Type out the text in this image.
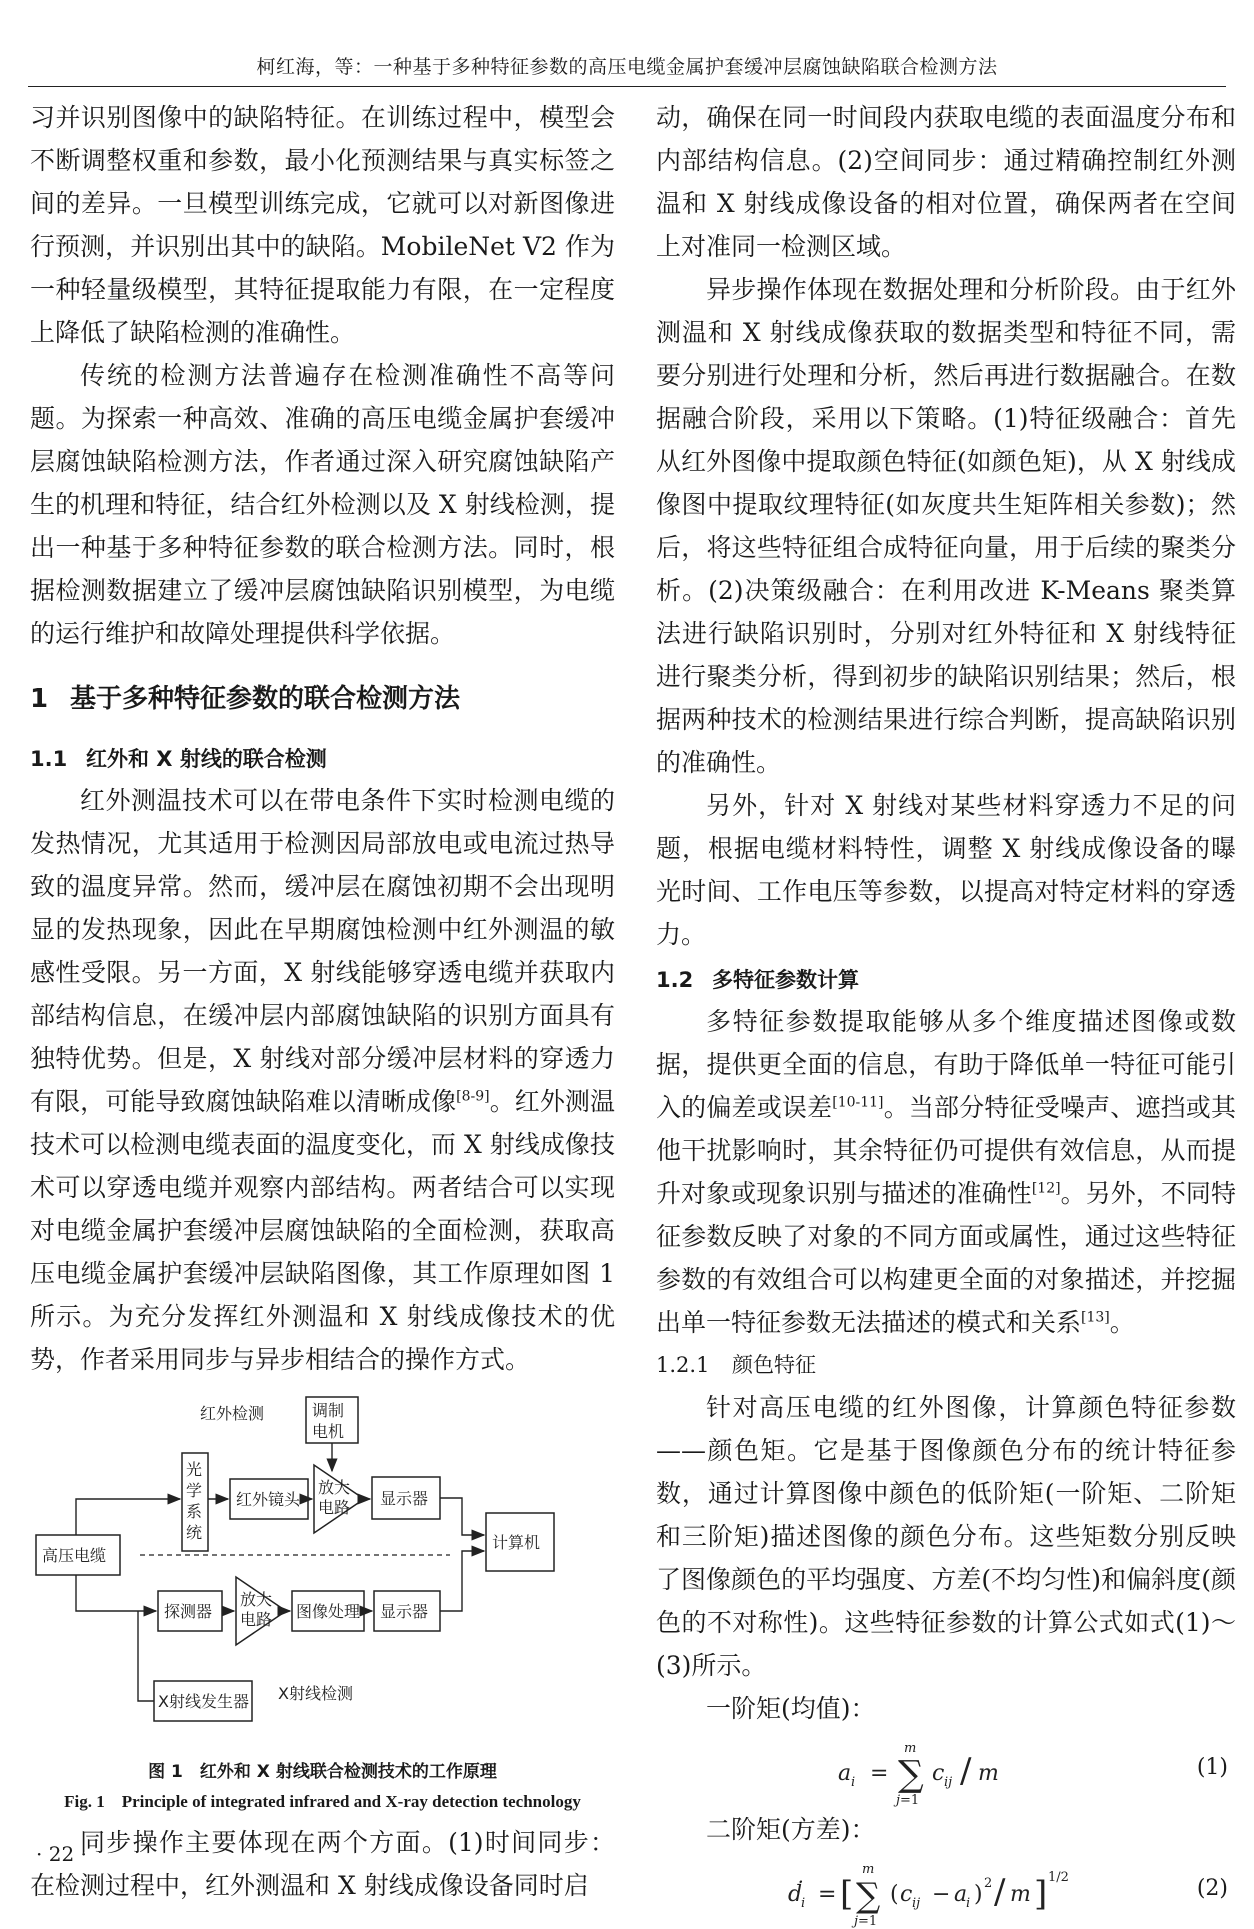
柯红海，等：一种基于多种特征参数的高压电缆金属护套缓冲层腐蚀缺陷联合检测方法

习并识别图像中的缺陷特征。在训练过程中，模型会不断调整权重和参数，最小化预测结果与真实标签之间的差异。一旦模型训练完成，它就可以对新图像进行预测，并识别出其中的缺陷。MobileNet V2 作为一种轻量级模型，其特征提取能力有限，在一定程度上降低了缺陷检测的准确性。

传统的检测方法普遍存在检测准确性不高等问题。为探索一种高效、准确的高压电缆金属护套缓冲层腐蚀缺陷检测方法，作者通过深入研究腐蚀缺陷产生的机理和特征，结合红外检测以及 X 射线检测，提出一种基于多种特征参数的联合检测方法。同时，根据检测数据建立了缓冲层腐蚀缺陷识别模型，为电缆的运行维护和故障处理提供科学依据。

1 基于多种特征参数的联合检测方法
1.1 红外和 X 射线的联合检测

红外测温技术可以在带电条件下实时检测电缆的发热情况，尤其适用于检测因局部放电或电流过热导致的温度异常。然而，缓冲层在腐蚀初期不会出现明显的发热现象，因此在早期腐蚀检测中红外测温的敏感性受限。另一方面，X 射线能够穿透电缆并获取内部结构信息，在缓冲层内部腐蚀缺陷的识别方面具有独特优势。但是，X 射线对部分缓冲层材料的穿透力有限，可能导致腐蚀缺陷难以清晰成像[8-9]。红外测温技术可以检测电缆表面的温度变化，而 X 射线成像技术可以穿透电缆并观察内部结构。两者结合可以实现对电缆金属护套缓冲层腐蚀缺陷的全面检测，获取高压电缆金属护套缓冲层缺陷图像，其工作原理如图 1 所示。为充分发挥红外测温和 X 射线成像技术的优势，作者采用同步与异步相结合的操作方式。

红外检测	调制
电机
光
学
系
统
红外镜头
放大
电路 显示器
高压电缆
计算机
探测器
放大
电路 图像处理 显示器
X射线发生器 X射线检测
图 1　红外和 X 射线联合检测技术的工作原理
Fig. 1　Principle of integrated infrared and X-ray detection technology

同步操作主要体现在两个方面。(1)时间同步：在检测过程中，红外测温和 X 射线成像设备同时启

动，确保在同一时间段内获取电缆的表面温度分布和内部结构信息。(2)空间同步：通过精确控制红外测温和 X 射线成像设备的相对位置，确保两者在空间上对准同一检测区域。

异步操作体现在数据处理和分析阶段。由于红外测温和 X 射线成像获取的数据类型和特征不同，需要分别进行处理和分析，然后再进行数据融合。在数据融合阶段，采用以下策略。(1)特征级融合：首先从红外图像中提取颜色特征(如颜色矩)，从 X 射线成像图中提取纹理特征(如灰度共生矩阵相关参数)；然后，将这些特征组合成特征向量，用于后续的聚类分析。(2)决策级融合：在利用改进 K-Means 聚类算法进行缺陷识别时，分别对红外特征和 X 射线特征进行聚类分析，得到初步的缺陷识别结果；然后，根据两种技术的检测结果进行综合判断，提高缺陷识别的准确性。

另外，针对 X 射线对某些材料穿透力不足的问题，根据电缆材料特性，调整 X 射线成像设备的曝光时间、工作电压等参数，以提高对特定材料的穿透力。

1.2 多特征参数计算

多特征参数提取能够从多个维度描述图像或数据，提供更全面的信息，有助于降低单一特征可能引入的偏差或误差[10-11]。当部分特征受噪声、遮挡或其他干扰影响时，其余特征仍可提供有效信息，从而提升对象或现象识别与描述的准确性[12]。另外，不同特征参数反映了对象的不同方面或属性，通过这些特征参数的有效组合可以构建更全面的对象描述，并挖掘出单一特征参数无法描述的模式和关系[13]。

1.2.1 颜色特征

针对高压电缆的红外图像，计算颜色特征参数——颜色矩。它是基于图像颜色分布的统计特征参数，通过计算图像中颜色的低阶矩(一阶矩、二阶矩和三阶矩)描述图像的颜色分布。这些矩数分别反映了图像颜色的平均强度、方差(不均匀性)和偏斜度(颜色的不对称性)。这些特征参数的计算公式如式(1)～(3)所示。

一阶矩(均值)：

a i = ∑
m
j=1
c ij / m	(1)

二阶矩(方差)：

ḋ
i = [ ∑
m
j=1
( c ij − a
i ) 2 / m ] 1/2	(2)
· 22 ·
